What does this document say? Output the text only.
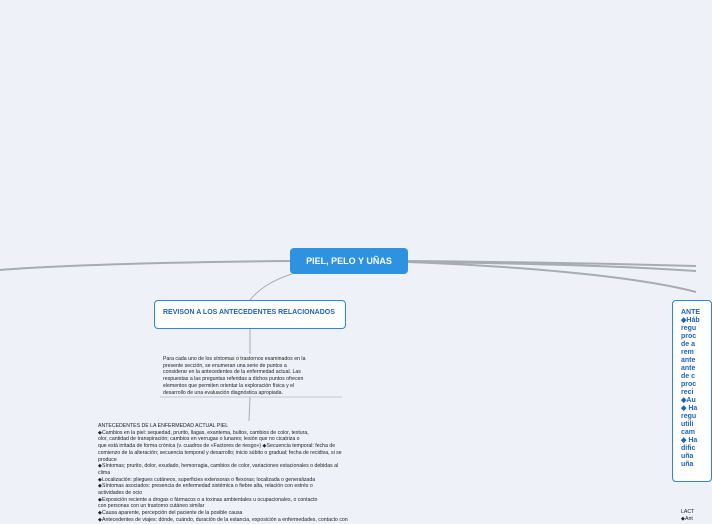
PIEL, PELO Y UÑAS
REVISON A LOS ANTECEDENTES RELACIONADOS
Para cada uno de los síntomas o trastornos examinados en la
presente sección, se enumeran una serie de puntos a
considerar en la antecedentes de la enfermedad actual. Las
respuestas a las preguntas referidas a dichos puntos ofrecen
elementos que permiten orientar la exploración física y el
desarrollo de una evaluación diagnóstica apropiada.
ANTECEDENTES DE LA ENFERMEDAD ACTUAL PIEL
◆Cambios en la piel: sequedad, prurito, llagas, exantema, bultos, cambios de color, textura,
olor, cantidad de transpiración; cambios en verrugas o lunares; lesión que no cicatriza o
que está irritada de forma crónica (v. cuadros de «Factores de riesgo») ◆Secuencia temporal: fecha de
comienzo de la alteración; secuencia temporal y desarrollo; inicio súbito o gradual; fecha de recidiva, si se
produce
◆Síntomas; prurito, dolor, exudado, hemorragia, cambios de color, variaciones estacionales o debidas al
clima
◆Localización: pliegues cutáneos, superficies extensoras o flexoras; localizada o generalizada
◆Síntomas asociados: presencia de enfermedad sistémica o fiebre alta, relación con estrés o
actividades de ocio
◆Exposición reciente a drogas o fármacos o a toxinas ambientales u ocupacionales, o contacto
con personas con un trastorno cutáneo similar
◆Causa aparente, percepción del paciente de la posible causa
◆Antecedentes de viajes: dónde, cuándo, duración de la estancia, exposición a enfermedades, contacto con
ANTE
◆Háb
regu
proc
de a
rem
ante
ante
de c
proc
reci
◆Au
◆ Ha
regu
utili
cam
◆ Ha
dific
uña
uña
LACT
◆Ant
